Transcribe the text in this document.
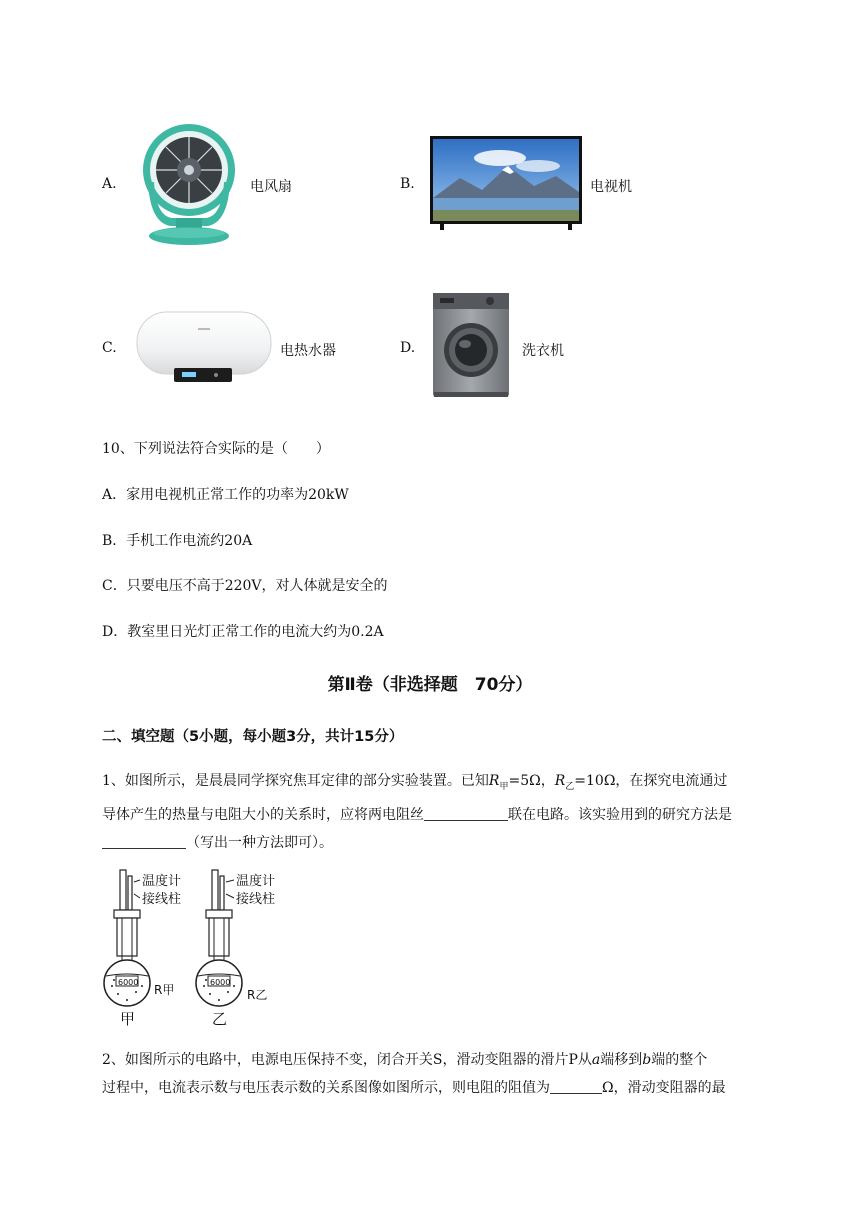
A.	电风扇	B.	电视机
C.	电热水器	D.	洗衣机
10、下列说法符合实际的是（　　）
A．家用电视机正常工作的功率为20kW
B．手机工作电流约20A
C．只要电压不高于220V，对人体就是安全的
D．教室里日光灯正常工作的电流大约为0.2A
第Ⅱ卷（非选择题　70分）
二、填空题（5小题，每小题3分，共计15分）
1、如图所示，是晨晨同学探究焦耳定律的部分实验装置。已知$R_甲=5\Omega$，$R_乙=10\Omega$，在探究电流通过
导体产生的热量与电阻大小的关系时，应将两电阻丝	联在电路。该实验用到的研究方法是
（写出一种方法即可）。
温度计
接线柱
温度计
接线柱
6000	6000
R甲	R乙
甲	乙
2、如图所示的电路中，电源电压保持不变，闭合开关S，滑动变阻器的滑片P从a端移到b端的整个
过程中，电流表示数与电压表示数的关系图像如图所示，则电阻的阻值为	Ω，滑动变阻器的最
